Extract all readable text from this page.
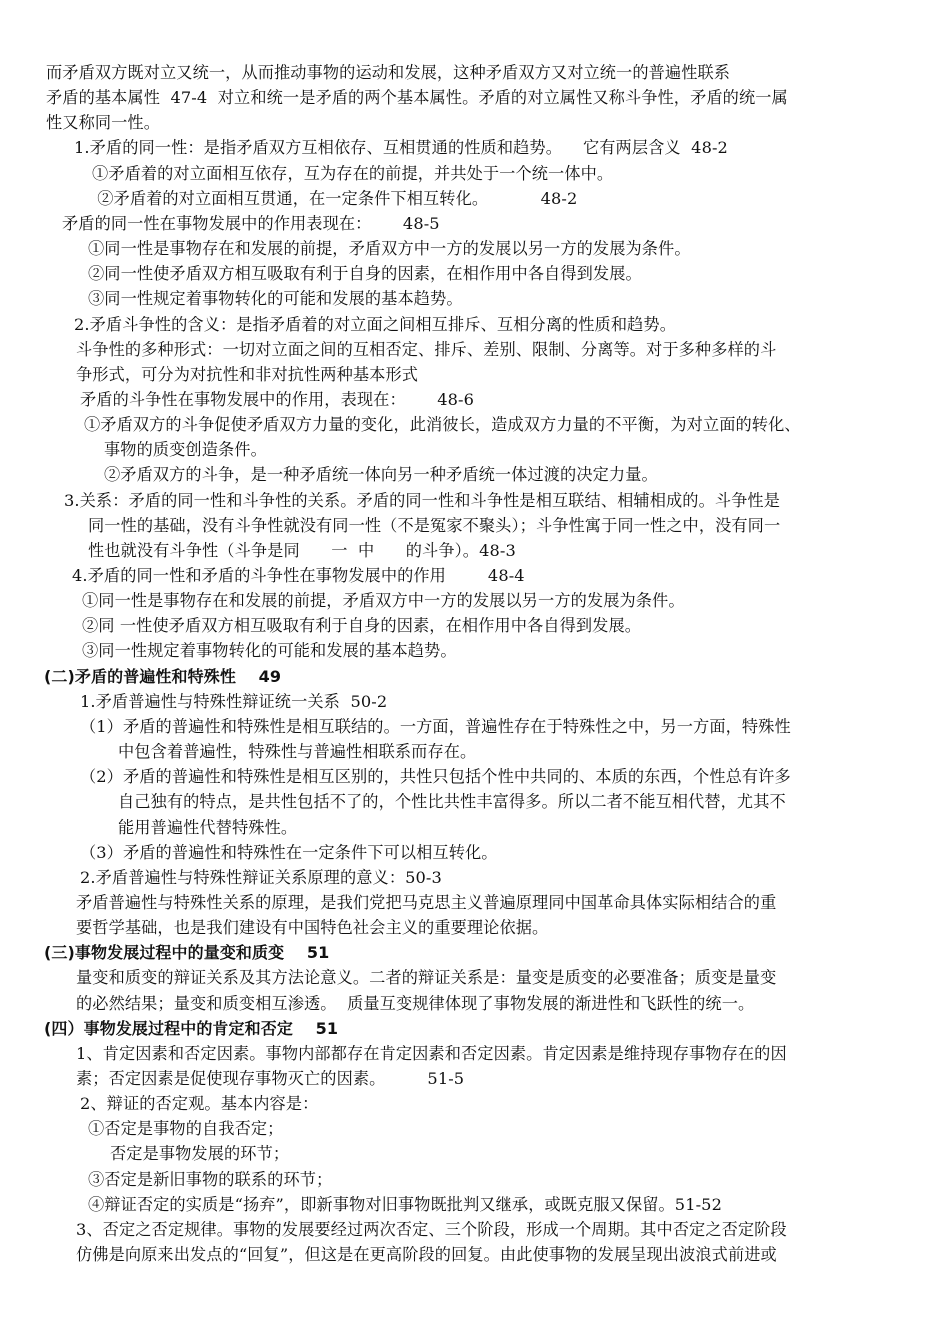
而矛盾双方既对立又统一，从而推动事物的运动和发展，这种矛盾双方又对立统一的普遍性联系
矛盾的基本属性  47-4  对立和统一是矛盾的两个基本属性。矛盾的对立属性又称斗争性，矛盾的统一属
性又称同一性。
1.矛盾的同一性：是指矛盾双方互相依存、互相贯通的性质和趋势。    它有两层含义  48-2
①矛盾着的对立面相互依存，互为存在的前提，并共处于一个统一体中。
②矛盾着的对立面相互贯通，在一定条件下相互转化。          48-2
矛盾的同一性在事物发展中的作用表现在：      48-5
①同一性是事物存在和发展的前提，矛盾双方中一方的发展以另一方的发展为条件。
②同一性使矛盾双方相互吸取有利于自身的因素，在相作用中各自得到发展。
③同一性规定着事物转化的可能和发展的基本趋势。
2.矛盾斗争性的含义：是指矛盾着的对立面之间相互排斥、互相分离的性质和趋势。
斗争性的多种形式：一切对立面之间的互相否定、排斥、差别、限制、分离等。对于多种多样的斗
争形式，可分为对抗性和非对抗性两种基本形式
矛盾的斗争性在事物发展中的作用，表现在：      48-6
①矛盾双方的斗争促使矛盾双方力量的变化，此消彼长，造成双方力量的不平衡，为对立面的转化、
事物的质变创造条件。
②矛盾双方的斗争，是一种矛盾统一体向另一种矛盾统一体过渡的决定力量。
3.关系：矛盾的同一性和斗争性的关系。矛盾的同一性和斗争性是相互联结、相辅相成的。斗争性是
同一性的基础，没有斗争性就没有同一性（不是冤家不聚头）；斗争性寓于同一性之中，没有同一
性也就没有斗争性（斗争是同      一  中      的斗争）。48-3
4.矛盾的同一性和矛盾的斗争性在事物发展中的作用        48-4
①同一性是事物存在和发展的前提，矛盾双方中一方的发展以另一方的发展为条件。
②同 一性使矛盾双方相互吸取有利于自身的因素，在相作用中各自得到发展。
③同一性规定着事物转化的可能和发展的基本趋势。
(二)矛盾的普遍性和特殊性    49
1.矛盾普遍性与特殊性辩证统一关系  50-2
（1）矛盾的普遍性和特殊性是相互联结的。一方面，普遍性存在于特殊性之中，另一方面，特殊性
中包含着普遍性，特殊性与普遍性相联系而存在。
（2）矛盾的普遍性和特殊性是相互区别的，共性只包括个性中共同的、本质的东西，个性总有许多
自己独有的特点，是共性包括不了的，个性比共性丰富得多。所以二者不能互相代替，尤其不
能用普遍性代替特殊性。
（3）矛盾的普遍性和特殊性在一定条件下可以相互转化。
2.矛盾普遍性与特殊性辩证关系原理的意义：50-3
矛盾普遍性与特殊性关系的原理，是我们党把马克思主义普遍原理同中国革命具体实际相结合的重
要哲学基础，也是我们建设有中国特色社会主义的重要理论依据。
(三)事物发展过程中的量变和质变    51
量变和质变的辩证关系及其方法论意义。二者的辩证关系是：量变是质变的必要准备；质变是量变
的必然结果；量变和质变相互渗透。  质量互变规律体现了事物发展的渐进性和飞跃性的统一。
(四）事物发展过程中的肯定和否定    51
1、肯定因素和否定因素。事物内部都存在肯定因素和否定因素。肯定因素是维持现存事物存在的因
素；否定因素是促使现存事物灭亡的因素。        51-5
2、辩证的否定观。基本内容是：
①否定是事物的自我否定；
否定是事物发展的环节；
③否定是新旧事物的联系的环节；
④辩证否定的实质是“扬弃”，即新事物对旧事物既批判又继承，或既克服又保留。51-52
3、否定之否定规律。事物的发展要经过两次否定、三个阶段，形成一个周期。其中否定之否定阶段
仿佛是向原来出发点的“回复”，但这是在更高阶段的回复。由此使事物的发展呈现出波浪式前进或
